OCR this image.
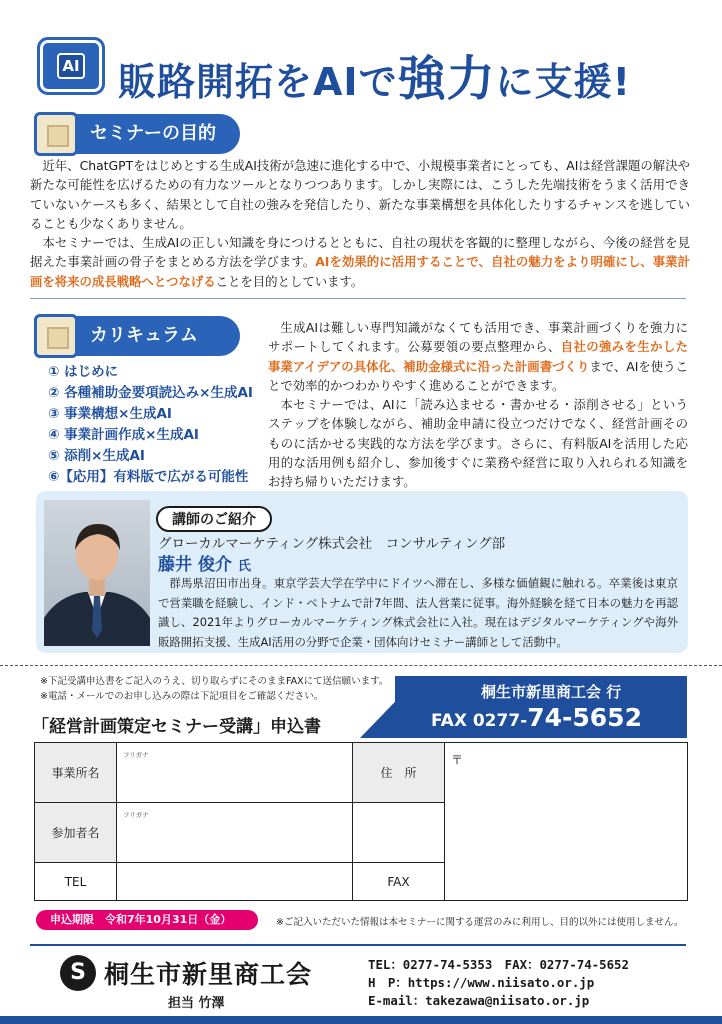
AI 販路開拓をAIで強力に支援!
セミナーの目的

近年、ChatGPTをはじめとする生成AI技術が急速に進化する中で、小規模事業者にとっても、AIは経営課題の解決や新たな可能性を広げるための有力なツールとなりつつあります。しかし実際には、こうした先端技術をうまく活用できていないケースも多く、結果として自社の強みを発信したり、新たな事業構想を具体化したりするチャンスを逃していることも少なくありません。

本セミナーでは、生成AIの正しい知識を身につけるとともに、自社の現状を客観的に整理しながら、今後の経営を見据えた事業計画の骨子をまとめる方法を学びます。AIを効果的に活用することで、自社の魅力をより明確にし、事業計画を将来の成長戦略へとつなげることを目的としています。

カリキュラム
① はじめに
② 各種補助金要項読込み×生成AI
③ 事業構想×生成AI
④ 事業計画作成×生成AI
⑤ 添削×生成AI
⑥【応用】有料版で広がる可能性

生成AIは難しい専門知識がなくても活用でき、事業計画づくりを強力にサポートしてくれます。公募要領の要点整理から、自社の強みを生かした事業アイデアの具体化、補助金様式に沿った計画書づくりまで、AIを使うことで効率的かつわかりやすく進めることができます。

本セミナーでは、AIに「読み込ませる・書かせる・添削させる」というステップを体験しながら、補助金申請に役立つだけでなく、経営計画そのものに活かせる実践的な方法を学びます。さらに、有料版AIを活用した応用的な活用例も紹介し、参加後すぐに業務や経営に取り入れられる知識をお持ち帰りいただけます。

講師のご紹介
グローカルマーケティング株式会社　コンサルティング部
藤井 俊介 氏

群馬県沼田市出身。東京学芸大学在学中にドイツへ滞在し、多様な価値観に触れる。卒業後は東京で営業職を経験し、インド・ベトナムで計7年間、法人営業に従事。海外経験を経て日本の魅力を再認識し、2021年よりグローカルマーケティング株式会社に入社。現在はデジタルマーケティングや海外販路開拓支援、生成AI活用の分野で企業・団体向けセミナー講師として活動中。

※下記受講申込書をご記入のうえ、切り取らずにそのままFAXにて送信願います。
※電話・メールでのお申し込みの際は下記項目をご確認ください。
「経営計画策定セミナー受講」申込書
桐生市新里商工会 行
FAX 0277-74-5652
事業所名	フリガナ	住　所	〒
参加者名	フリガナ		
TEL		FAX	
申込期限　令和7年10月31日（金）	※ご記入いただいた情報は本セミナーに関する運営のみに利用し、目的以外には使用しません。
S 桐生市新里商工会
担当 竹澤
TEL：0277-74-5353　FAX：0277-74-5652
H　P：https://www.niisato.or.jp
E-mail：takezawa@niisato.or.jp
